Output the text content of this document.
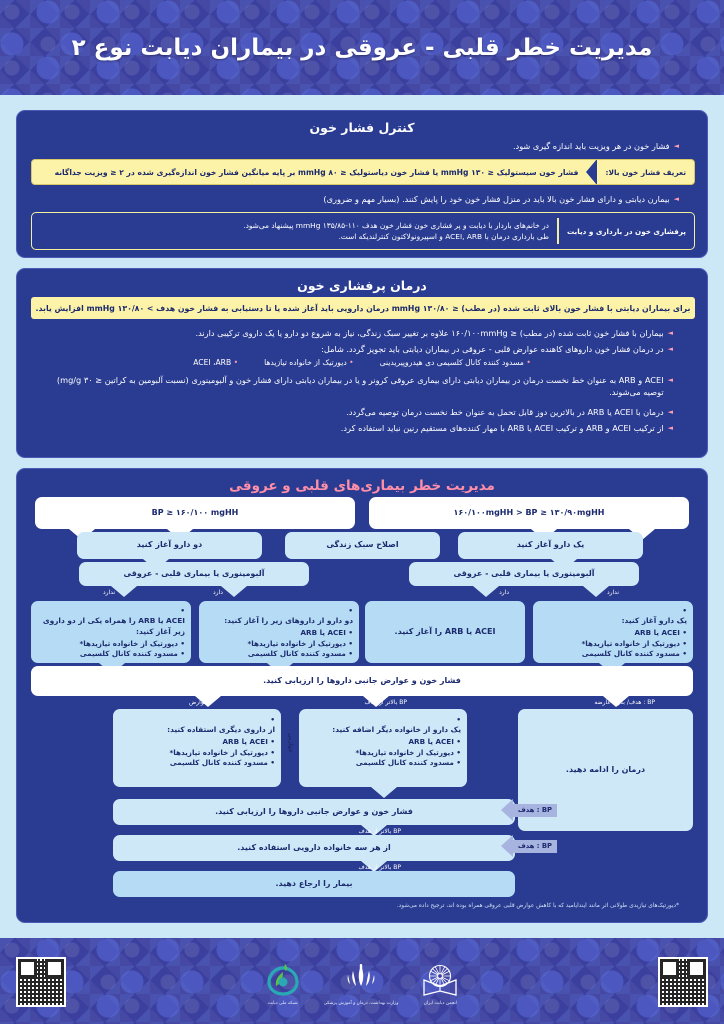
مدیریت خطر قلبی - عروقی در بیماران دیابت نوع ۲
کنترل فشار خون
◄
فشار خون در هر ویزیت باید اندازه گیری شود.
تعریف فشار خون بالا:
فشار خون سیستولیک ≤ ۱۳۰ mmHg یا فشار خون دیاستولیک ≤ ۸۰ mmHg بر پایه میانگین فشار خون اندازه‌گیری شده در ۲ ≤ ویزیت جداگانه
◄
بیمارن دیابتی و دارای فشار خون بالا باید در منزل فشار خون خود را پایش کنند. (بسیار مهم و ضروری)
پرفشاری خون در بارداری و دیابت
در خانم‌های باردار با دیابت و پر فشاری خون فشار خون هدف ۱۱۰-۱۳۵/۸۵ mmHg پیشنهاد می‌شود.
طی بارداری درمان با ACEI, ARB و اسپیرونولاکتون کنترلندیکه است.
درمان پرفشاری خون
برای بیماران دیابتی با فشار خون بالای ثابت شده (در مطب) ≤ ۱۳۰/۸۰ mmHg درمان دارویی باید آغاز شده یا تا دستیابی به فشار خون هدف > ۱۳۰/۸۰ mmHg افزایش یابد.
◄
بیماران با فشار خون ثابت شده (در مطب) ≤ ۱۶۰/۱۰۰mmHg علاوه بر تغییر سبک زندگی، نیاز به شروع دو دارو یا یک داروی ترکیبی دارند.
◄
در درمان فشار خون داروهای کاهنده عوارض قلبی - عروقی در بیماران دیابتی باید تجویز گردد. شامل:
• مسدود کننده کانال کلسیمی دی هیدروپیریدینی
• دیورتیک از خانواده تیازیدها
• ACEI ،ARB
◄
ACEI و ARB به عنوان خط نخست درمان در بیماران دیابتی دارای بیماری عروقی کرونر و یا در بیماران دیابتی دارای فشار خون و آلبومینوری (نسبت آلبومین به کراتین ≤ ۳۰ mg/g) توصیه می‌شوند.
◄
درمان با ACEI یا ARB در بالاترین دوز قابل تحمل به عنوان خط نخست درمان توصیه می‌گردد.
◄
از ترکیب ACEI و ARB و ترکیب ACEI یا ARB با مهار کننده‌های مستقیم رنین نباید استفاده کرد.
مدیریت خطر بیماری‌های قلبی و عروقی
۱۶۰/۱۰۰mgHH > BP ≥ ۱۳۰/۹۰mgHH
BP ≥ ۱۶۰/۱۰۰ mgHH
یک دارو آغاز کنید
اصلاح سبک زندگی
دو دارو آغاز کنید
آلبومینوری یا بیماری قلبی - عروقی
دارد	ندارد
آلبومینوری یا بیماری قلبی - عروقی
دارد
ندارد
• یک دارو آغاز کنید:
• ACEI یا ARB
• دیورتیک از خانواده تیازیدها*
• مسدود کننده کانال کلسیمی
ACEI یا ARB را آغاز کنید.
• دو دارو از داروهای زیر را آغاز کنید:
• ACEI یا ARB
• دیورتیک از خانواده تیازیدها*
• مسدود کننده کانال کلسیمی
• ACEI یا ARB را همراه یکی از دو داروی زیر آغاز کنید:
• دیورتیک از خانواده تیازیدها*
• مسدود کننده کانال کلسیمی
فشار خون و عوارض جانبی داروها را ارزیابی کنید.
BP : هدف/ بدون عارضه
BP بالاتر از هدف
عوارض
درمان را ادامه دهید.
• یک دارو از خانواده دیگر اضافه کنید:
• ACEI یا ARB
• دیورتیک از خانواده تیازیدها*
• مسدود کننده کانال کلسیمی
• از داروی دیگری استفاده کنید:
• ACEI یا ARB
• دیورتیک از خانواده تیازیدها*
• مسدود کننده کانال کلسیمی
عوارض
فشار خون و عوارض جانبی داروها را ارزیابی کنید.
BP بالاتر از هدف
BP : هدف
از هر سه خانواده دارویی استفاده کنید.
BP بالاتر از هدف
BP : هدف
بیمار را ارجاع دهید.
*دیورتیک‌های تیازیدی طولانی اثر مانند ایندایامید که با کاهش عوارض قلبی عروقی همراه بوده اند، ترجیح داده می‌شود.
انجمن دیابت ایران
وزارت بهداشت، درمان و آموزش پزشکی
شبکه ملی دیابت
